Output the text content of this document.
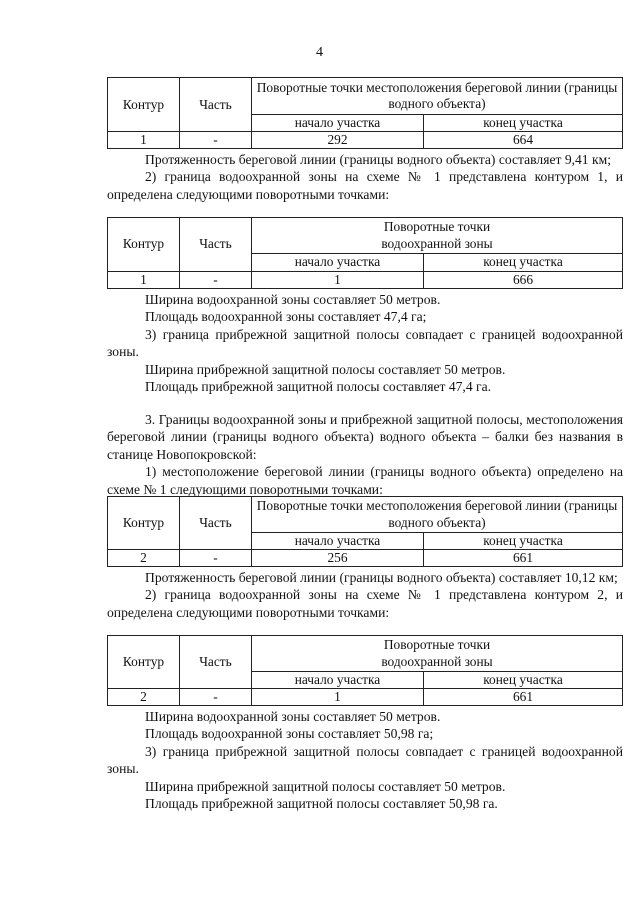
4
Контур	Часть	Поворотные точки местоположения береговой линии (границы водного объекта)	
		начало участка	конец участка
1	-	292	664

Протяженность береговой линии (границы водного объекта) составляет 9,41 км;

2) граница водоохранной зоны на схеме № 1 представлена контуром 1, и определена следующими поворотными точками:

Контур	Часть	Поворотные точки
водоохранной зоны	
		начало участка	конец участка
1	-	1	666

Ширина водоохранной зоны составляет 50 метров.

Площадь водоохранной зоны составляет 47,4 га;

3) граница прибрежной защитной полосы совпадает с границей водоохранной зоны.

Ширина прибрежной защитной полосы составляет 50 метров.

Площадь прибрежной защитной полосы составляет 47,4 га.

3. Границы водоохранной зоны и прибрежной защитной полосы, местоположения береговой линии (границы водного объекта) водного объекта – балки без названия в станице Новопокровской:

1) местоположение береговой линии (границы водного объекта) определено на схеме № 1 следующими поворотными точками:

Контур	Часть	Поворотные точки местоположения береговой линии (границы водного объекта)	
		начало участка	конец участка
2	-	256	661

Протяженность береговой линии (границы водного объекта) составляет 10,12 км;

2) граница водоохранной зоны на схеме № 1 представлена контуром 2, и определена следующими поворотными точками:

Контур	Часть	Поворотные точки
водоохранной зоны	
		начало участка	конец участка
2	-	1	661

Ширина водоохранной зоны составляет 50 метров.

Площадь водоохранной зоны составляет 50,98 га;

3) граница прибрежной защитной полосы совпадает с границей водоохранной зоны.

Ширина прибрежной защитной полосы составляет 50 метров.

Площадь прибрежной защитной полосы составляет 50,98 га.
